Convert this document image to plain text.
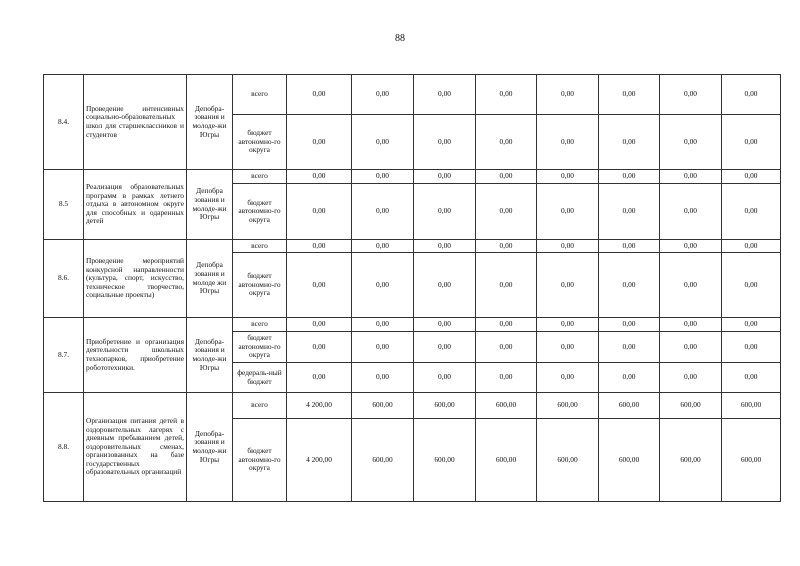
88
8.4.	Проведение интенсивных социально-образовательных школ для старшеклассников и студентов	Депобра-зования и молоде-жи Югры	всего	0,00	0,00	0,00	0,00	0,00	0,00	0,00	0,00
			бюджет автономно-го округа	0,00	0,00	0,00	0,00	0,00	0,00	0,00	0,00
8.5	Реализация образовательных программ в рамках летнего отдыха в автономном округе для способных и одаренных детей	Депобра зования и молоде-жи Югры	всего	0,00	0,00	0,00	0,00	0,00	0,00	0,00	0,00
			бюджет автономно-го округа	0,00	0,00	0,00	0,00	0,00	0,00	0,00	0,00
8.6.	Проведение мероприятий конкурсной направленности (культура, спорт, искусство, техническое творчество, социальные проекты)	Депобра зования и молоде жи Югры	всего	0,00	0,00	0,00	0,00	0,00	0,00	0,00	0,00
			бюджет автономно-го округа	0,00	0,00	0,00	0,00	0,00	0,00	0,00	0,00
8.7.	Приобретение и организация деятельности школьных технопарков, приобретение робототехники.	Депобра-зования и молоде-жи Югры	всего	0,00	0,00	0,00	0,00	0,00	0,00	0,00	0,00
			бюджет автономно-го округа	0,00	0,00	0,00	0,00	0,00	0,00	0,00	0,00
			федераль-ный бюджет	0,00	0,00	0,00	0,00	0,00	0,00	0,00	0,00
8.8.	Организация питания детей в оздоровительных лагерях с дневным пребыванием детей, оздоровительных сменах, организованных на базе государственных образовательных организаций	Депобра-зования и молоде-жи Югры	всего	4 200,00	600,00	600,00	600,00	600,00	600,00	600,00	600,00
			бюджет автономно-го округа	4 200,00	600,00	600,00	600,00	600,00	600,00	600,00	600,00
